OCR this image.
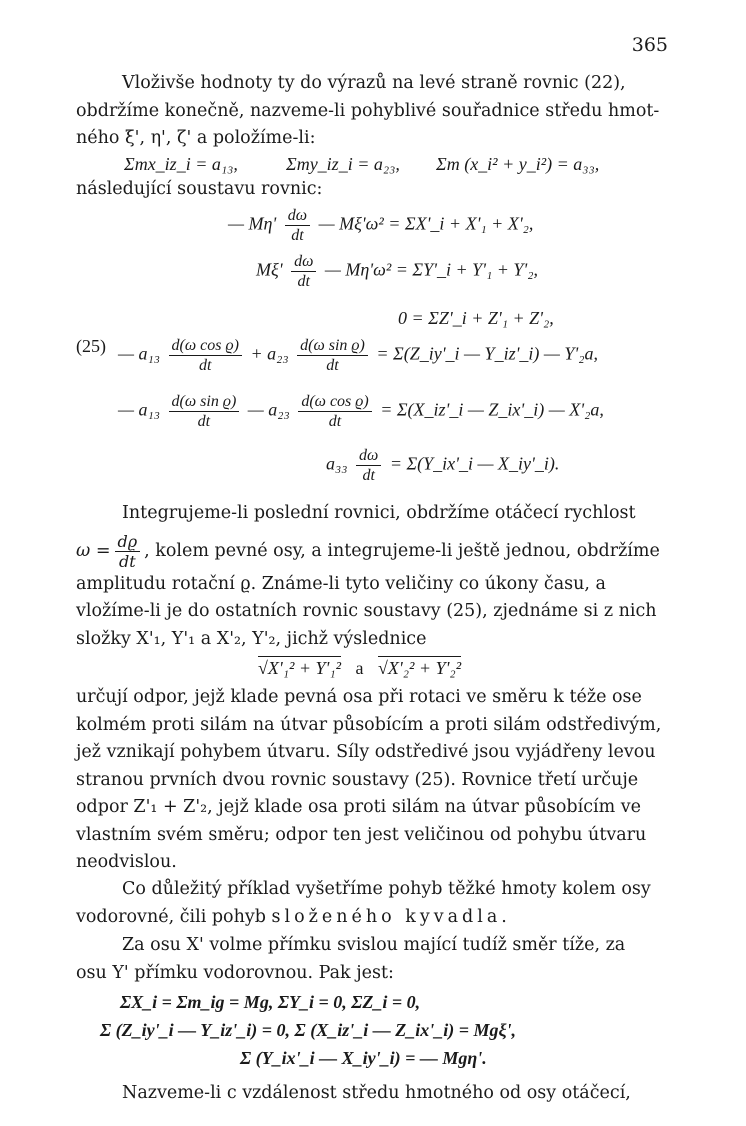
365
Vloživše hodnoty ty do výrazů na levé straně rovnic (22),
obdržíme konečně, nazveme-li pohyblivé souřadnice středu hmot-
ného ξ', η', ζ' a položíme-li:
Σmx_iz_i = a₁₃,	Σmy_iz_i = a₂₃, Σm (x_i² + y_i²) = a₃₃,
následující soustavu rovnic:
— $M\eta' \frac{d\omega}{dt}$ — Mξ'ω² = ΣX'_i + X'₁ + X'₂,
$M\xi' \frac{d\omega}{dt}$ — Mη'ω² = ΣY'_i + Y'₁ + Y'₂,
0 = ΣZ'_i + Z'₁ + Z'₂,
(25) — $a_{13} \frac{\text{d(ω cos ϱ)}}{dt} + a_{23} \frac{\text{d(ω sin ϱ)}}{dt}$ = Σ(Z_iy'_i — Y_iz'_i) — Y'₂a,
— $a_{13} \frac{\text{d(ω sin ϱ)}}{dt}$ — $a_{23} \frac{\text{d(ω cos ϱ)}}{dt}$ = Σ(X_iz'_i — Z_ix'_i) — X'₂a,
$a_{33} \frac{d\omega}{dt}$ = Σ(Y_ix'_i — X_iy'_i).
Integrujeme-li poslední rovnici, obdržíme otáčecí rychlost
$\omega = \frac{dϱ}{dt}$ , kolem pevné osy, a integrujeme-li ještě jednou, obdržíme
amplitudu rotační ϱ. Známe-li tyto veličiny co úkony času, a
vložíme-li je do ostatních rovnic soustavy (25), zjednáme si z nich
složky X'₁, Y'₁ a X'₂, Y'₂, jichž výslednice
√X'₁² + Y'₁² a √X'₂² + Y'₂²
určují odpor, jejž klade pevná osa při rotaci ve směru k téže ose
kolmém proti silám na útvar působícím a proti silám odstředivým,
jež vznikají pohybem útvaru. Síly odstředivé jsou vyjádřeny levou
stranou prvních dvou rovnic soustavy (25). Rovnice třetí určuje
odpor Z'₁ + Z'₂, jejž klade osa proti silám na útvar působícím ve
vlastním svém směru; odpor ten jest veličinou od pohybu útvaru
neodvislou.
Co důležitý příklad vyšetříme pohyb těžké hmoty kolem osy
vodorovné, čili pohyb složeného kyvadla.
Za osu X' volme přímku svislou mající tudíž směr tíže, za
osu Y' přímku vodorovnou. Pak jest:
ΣX_i = Σm_ig = Mg, ΣY_i = 0, ΣZ_i = 0,
Σ (Z_iy'_i — Y_iz'_i) = 0, Σ (X_iz'_i — Z_ix'_i) = Mgξ',
Σ (Y_ix'_i — X_iy'_i) = — Mgη'.
Nazveme-li c vzdálenost středu hmotného od osy otáčecí,
